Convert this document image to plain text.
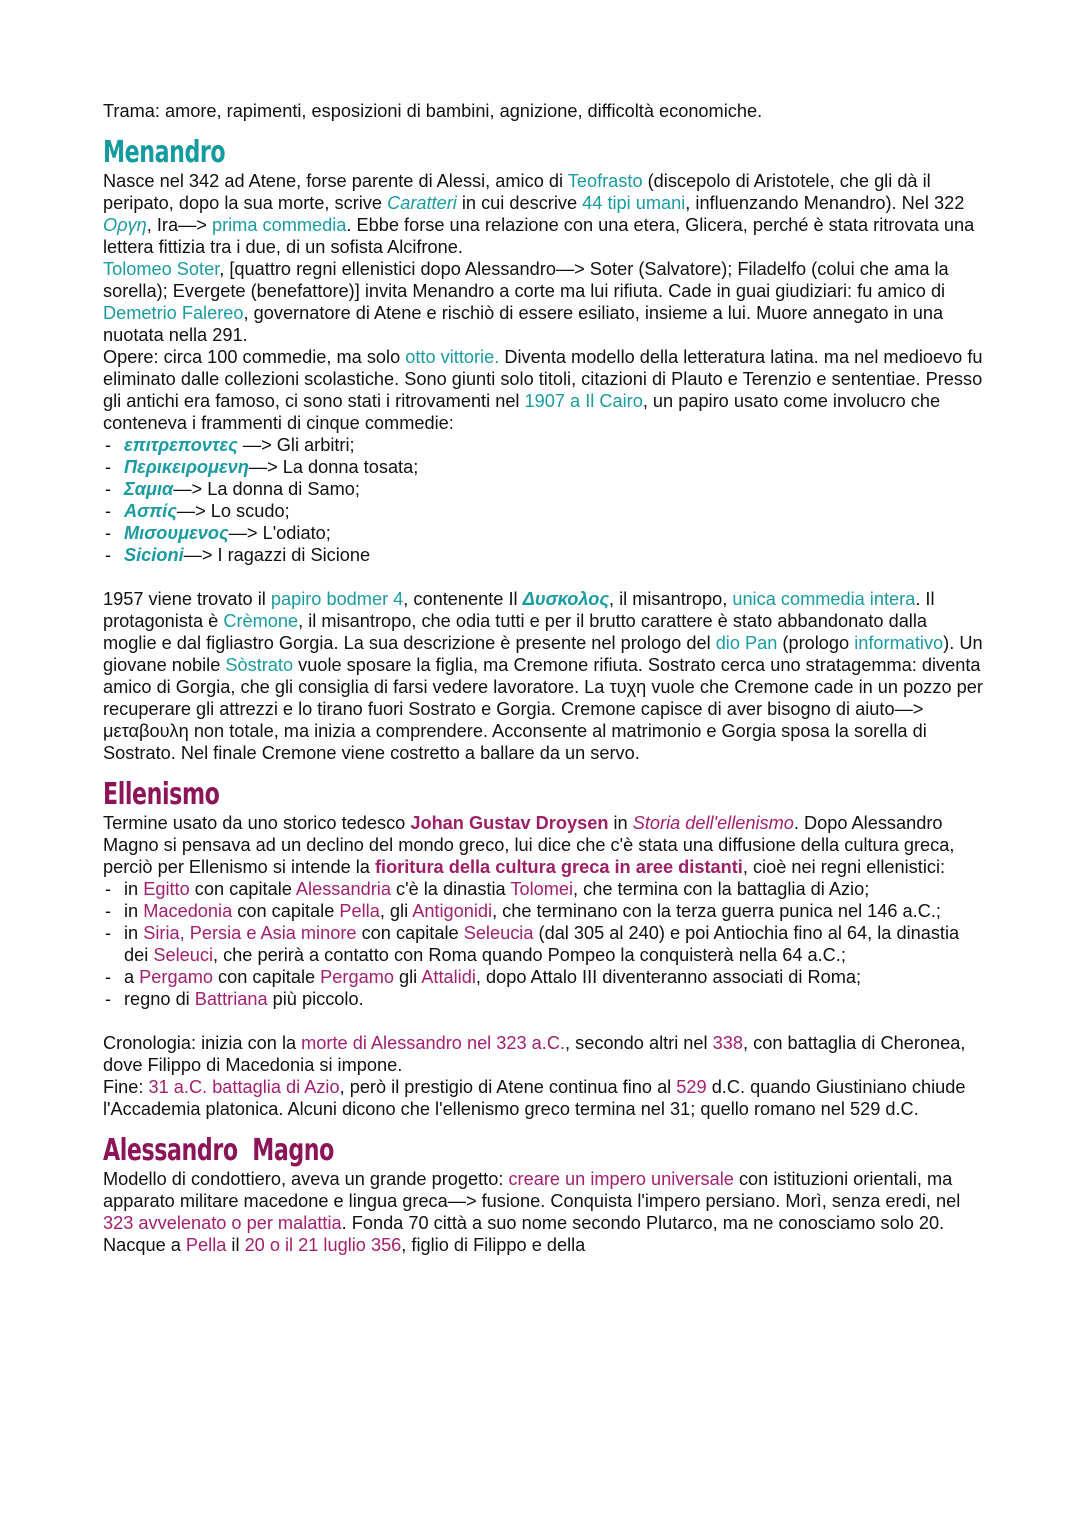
Trama: amore, rapimenti, esposizioni di bambini, agnizione, difficoltà economiche.

Menandro

Nasce nel 342 ad Atene, forse parente di Alessi, amico di Teofrasto (discepolo di Aristotele, che gli dà il peripato, dopo la sua morte, scrive Caratteri in cui descrive 44 tipi umani, influenzando Menandro). Nel 322 Οργη, Ira—> prima commedia. Ebbe forse una relazione con una etera, Glicera, perché è stata ritrovata una lettera fittizia tra i due, di un sofista Alcifrone.

Tolomeo Soter, [quattro regni ellenistici dopo Alessandro—> Soter (Salvatore); Filadelfo (colui che ama la sorella); Evergete (benefattore)] invita Menandro a corte ma lui rifiuta. Cade in guai giudiziari: fu amico di Demetrio Falereo, governatore di Atene e rischiò di essere esiliato, insieme a lui. Muore annegato in una nuotata nella 291.

Opere: circa 100 commedie, ma solo otto vittorie. Diventa modello della letteratura latina. ma nel medioevo fu eliminato dalle collezioni scolastiche. Sono giunti solo titoli, citazioni di Plauto e Terenzio e sententiae. Presso gli antichi era famoso, ci sono stati i ritrovamenti nel 1907 a Il Cairo, un papiro usato come involucro che conteneva i frammenti di cinque commedie:

- επιτρεποντες —> Gli arbitri;
- Περικειρομενη—> La donna tosata;
- Σαμια—> La donna di Samo;
- Ασπίς—> Lo scudo;
- Μισουμενος—> L'odiato;
- Sicioni—> I ragazzi di Sicione

1957 viene trovato il papiro bodmer 4, contenente Il Δυσκολος, il misantropo, unica commedia intera. Il protagonista è Crèmone, il misantropo, che odia tutti e per il brutto carattere è stato abbandonato dalla moglie e dal figliastro Gorgia. La sua descrizione è presente nel prologo del dio Pan (prologo informativo). Un giovane nobile Sòstrato vuole sposare la figlia, ma Cremone rifiuta. Sostrato cerca uno stratagemma: diventa amico di Gorgia, che gli consiglia di farsi vedere lavoratore. La τυχη vuole che Cremone cade in un pozzo per recuperare gli attrezzi e lo tirano fuori Sostrato e Gorgia. Cremone capisce di aver bisogno di aiuto—> μεταβουλη non totale, ma inizia a comprendere. Acconsente al matrimonio e Gorgia sposa la sorella di Sostrato. Nel finale Cremone viene costretto a ballare da un servo.

Ellenismo

Termine usato da uno storico tedesco Johan Gustav Droysen in Storia dell'ellenismo. Dopo Alessandro Magno si pensava ad un declino del mondo greco, lui dice che c'è stata una diffusione della cultura greca, perciò per Ellenismo si intende la fioritura della cultura greca in aree distanti, cioè nei regni ellenistici:

- in Egitto con capitale Alessandria c'è la dinastia Tolomei, che termina con la battaglia di Azio;
- in Macedonia con capitale Pella, gli Antigonidi, che terminano con la terza guerra punica nel 146 a.C.;
- in Siria, Persia e Asia minore con capitale Seleucia (dal 305 al 240) e poi Antiochia fino al 64, la dinastia dei Seleuci, che perirà a contatto con Roma quando Pompeo la conquisterà nella 64 a.C.;
- a Pergamo con capitale Pergamo gli Attalidi, dopo Attalo III diventeranno associati di Roma;
- regno di Battriana più piccolo.

Cronologia: inizia con la morte di Alessandro nel 323 a.C., secondo altri nel 338, con battaglia di Cheronea, dove Filippo di Macedonia si impone.

Fine: 31 a.C. battaglia di Azio, però il prestigio di Atene continua fino al 529 d.C. quando Giustiniano chiude l'Accademia platonica. Alcuni dicono che l'ellenismo greco termina nel 31; quello romano nel 529 d.C.

Alessandro  Magno

Modello di condottiero, aveva un grande progetto: creare un impero universale con istituzioni orientali, ma apparato militare macedone e lingua greca—> fusione. Conquista l'impero persiano. Morì, senza eredi, nel 323 avvelenato o per malattia. Fonda 70 città a suo nome secondo Plutarco, ma ne conosciamo solo 20. Nacque a Pella il 20 o il 21 luglio 356, figlio di Filippo e della
